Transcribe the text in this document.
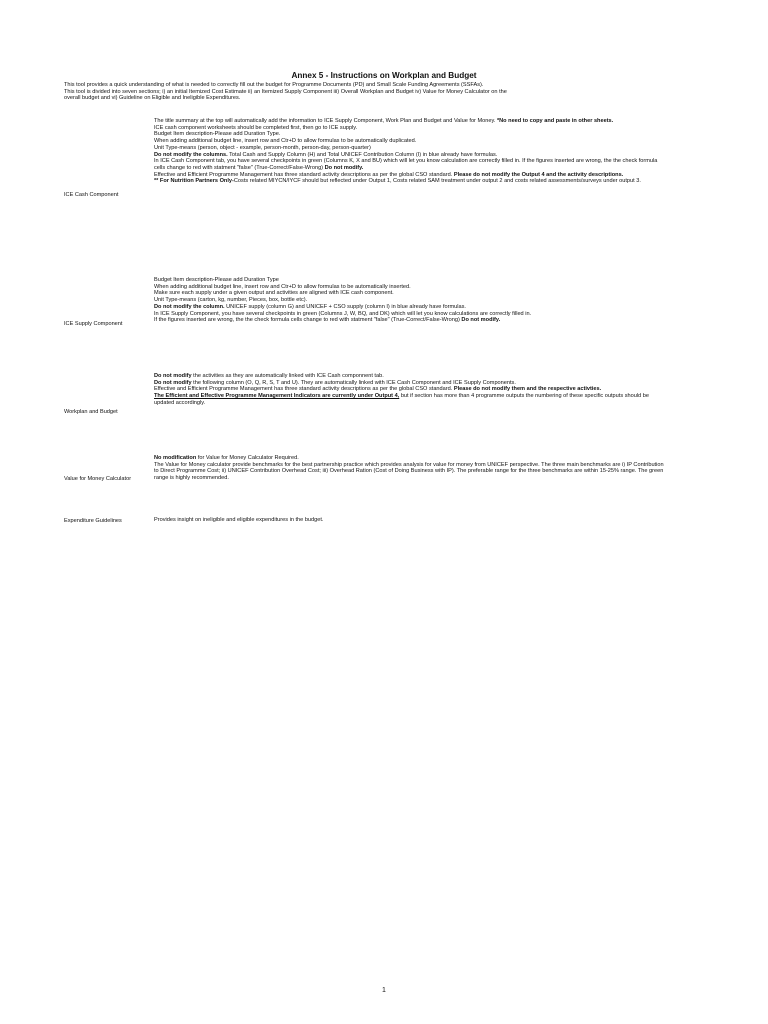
Annex 5 - Instructions on Workplan and Budget
This tool provides a quick understanding of what is needed to correctly fill out the budget for Programme Documents (PD) and Small Scale Funding Agreements (SSFAs).
This tool is divided into seven sections; i) an initial Itemized Cost Estimate ii) an Itemized Supply Component iii) Overall Workplan and Budget iv) Value for Money Calculator on the
overall budget and vi) Guideline on Eligible and Ineligible Expenditures.
ICE Cash Component
The title summary at the top will automatically add the information to ICE Supply Component, Work Plan and Budget and Value for Money. *No need to copy and paste in other sheets.
ICE cash component worksheets should be completed first, then go to ICE supply.
Budget Item description-Please add Duration Type.
When adding additional budget line, insert row and Ctr+D to allow formulas to be automatically duplicated.
Unit Type-means (person, object - example, person-month, person-day, person-quarter)
Do not modify the columns. Total Cash and Supply Column (H) and Total UNICEF Contribution Column (I) in blue already have formulas.
In ICE Cash Component tab, you have several checkpoints in green (Columns K, X and BU) which will let you know calculation are correctly filled in. If the figures inserted are wrong, the the check formula cells change to red with statment "false" (True-Correct/False-Wrong) Do not modify.
Effective and Efficient Programme Management has three standard activity descriptions as per the global CSO standard. Please do not modify the Output 4 and the activity descriptions.
** For Nutrition Partners Only-Costs related MIYCN/IYCF should but reflected under Output 1, Costs related SAM treatment under output 2 and costs related assessments/surveys under output 3.
ICE Supply Component
Budget Item description-Please add Duration Type
When adding additional budget line, insert row and Ctr+D to allow formulas to be automatically inserted.
Make sure each supply under a given output and activities are aligned with ICE cash component.
Unit Type-means (carton, kg, number, Pieces, box, bottle etc).
Do not modify the column. UNICEF supply (column G) and UNICEF + CSO supply (column I) in blue already have formulas.
In ICE Supply Component, you have several checkpoints in green (Columns J, W, BQ, and DK) which will let you know calculations are correctly filled in.
If the figures inserted are wrong, the the check formula cells change to red with statment "false" (True-Correct/False-Wrong) Do not modify.
Workplan and Budget
Do not modify the activities as they are automatically linked with ICE Cash componnent tab.
Do not modify the following column (O, Q, R, S, T and U). They are automatically linked with ICE Cash Component and ICE Supply Components.
Effective and Efficient Programme Management has three standard activity descriptions as per the global CSO standard. Please do not modify them and the respective activties.
The Efficient and Effective Programme Management Indicators are currently under Output 4, but if section has more than 4 programme outputs the numbering of these specific outputs should be updated accordingly.
Value for Money Calculator
No modification for Value for Money Calculator Required.
The Value for Money calculator provide benchmarks for the best partnership practice which provides analysis for value for money from UNICEF perspective. The three main benchmarks are i) IP Contribution to Direct Programme Cost; ii) UNICEF Contribution Overhead Cost; iii) Overhead Ration (Cost of Doing Business with IP). The preferable range for the three benchmarks are within 15-25% range. The green range is highly recommended.
Expenditure Guidelines	Provides insight on ineligible and eligible expenditures in the budget.
1
